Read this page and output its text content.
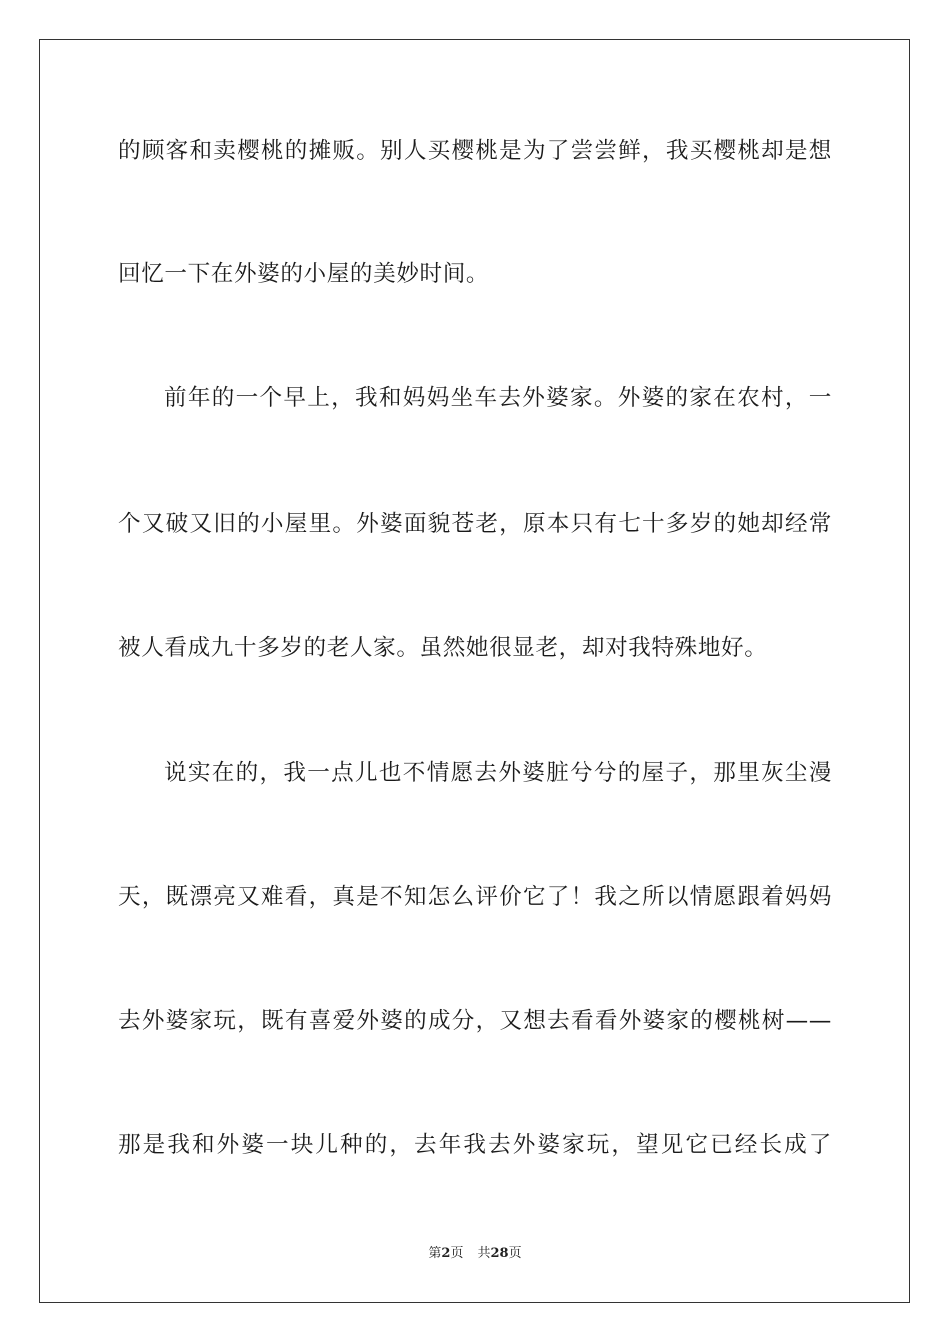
的顾客和卖樱桃的摊贩。别人买樱桃是为了尝尝鲜，我买樱桃却是想
回忆一下在外婆的小屋的美妙时间。
前年的一个早上，我和妈妈坐车去外婆家。外婆的家在农村，一
个又破又旧的小屋里。外婆面貌苍老，原本只有七十多岁的她却经常
被人看成九十多岁的老人家。虽然她很显老，却对我特殊地好。
说实在的，我一点儿也不情愿去外婆脏兮兮的屋子，那里灰尘漫
天，既漂亮又难看，真是不知怎么评价它了！我之所以情愿跟着妈妈
去外婆家玩，既有喜爱外婆的成分，又想去看看外婆家的樱桃树——
那是我和外婆一块儿种的，去年我去外婆家玩，望见它已经长成了
第2页 共28页
